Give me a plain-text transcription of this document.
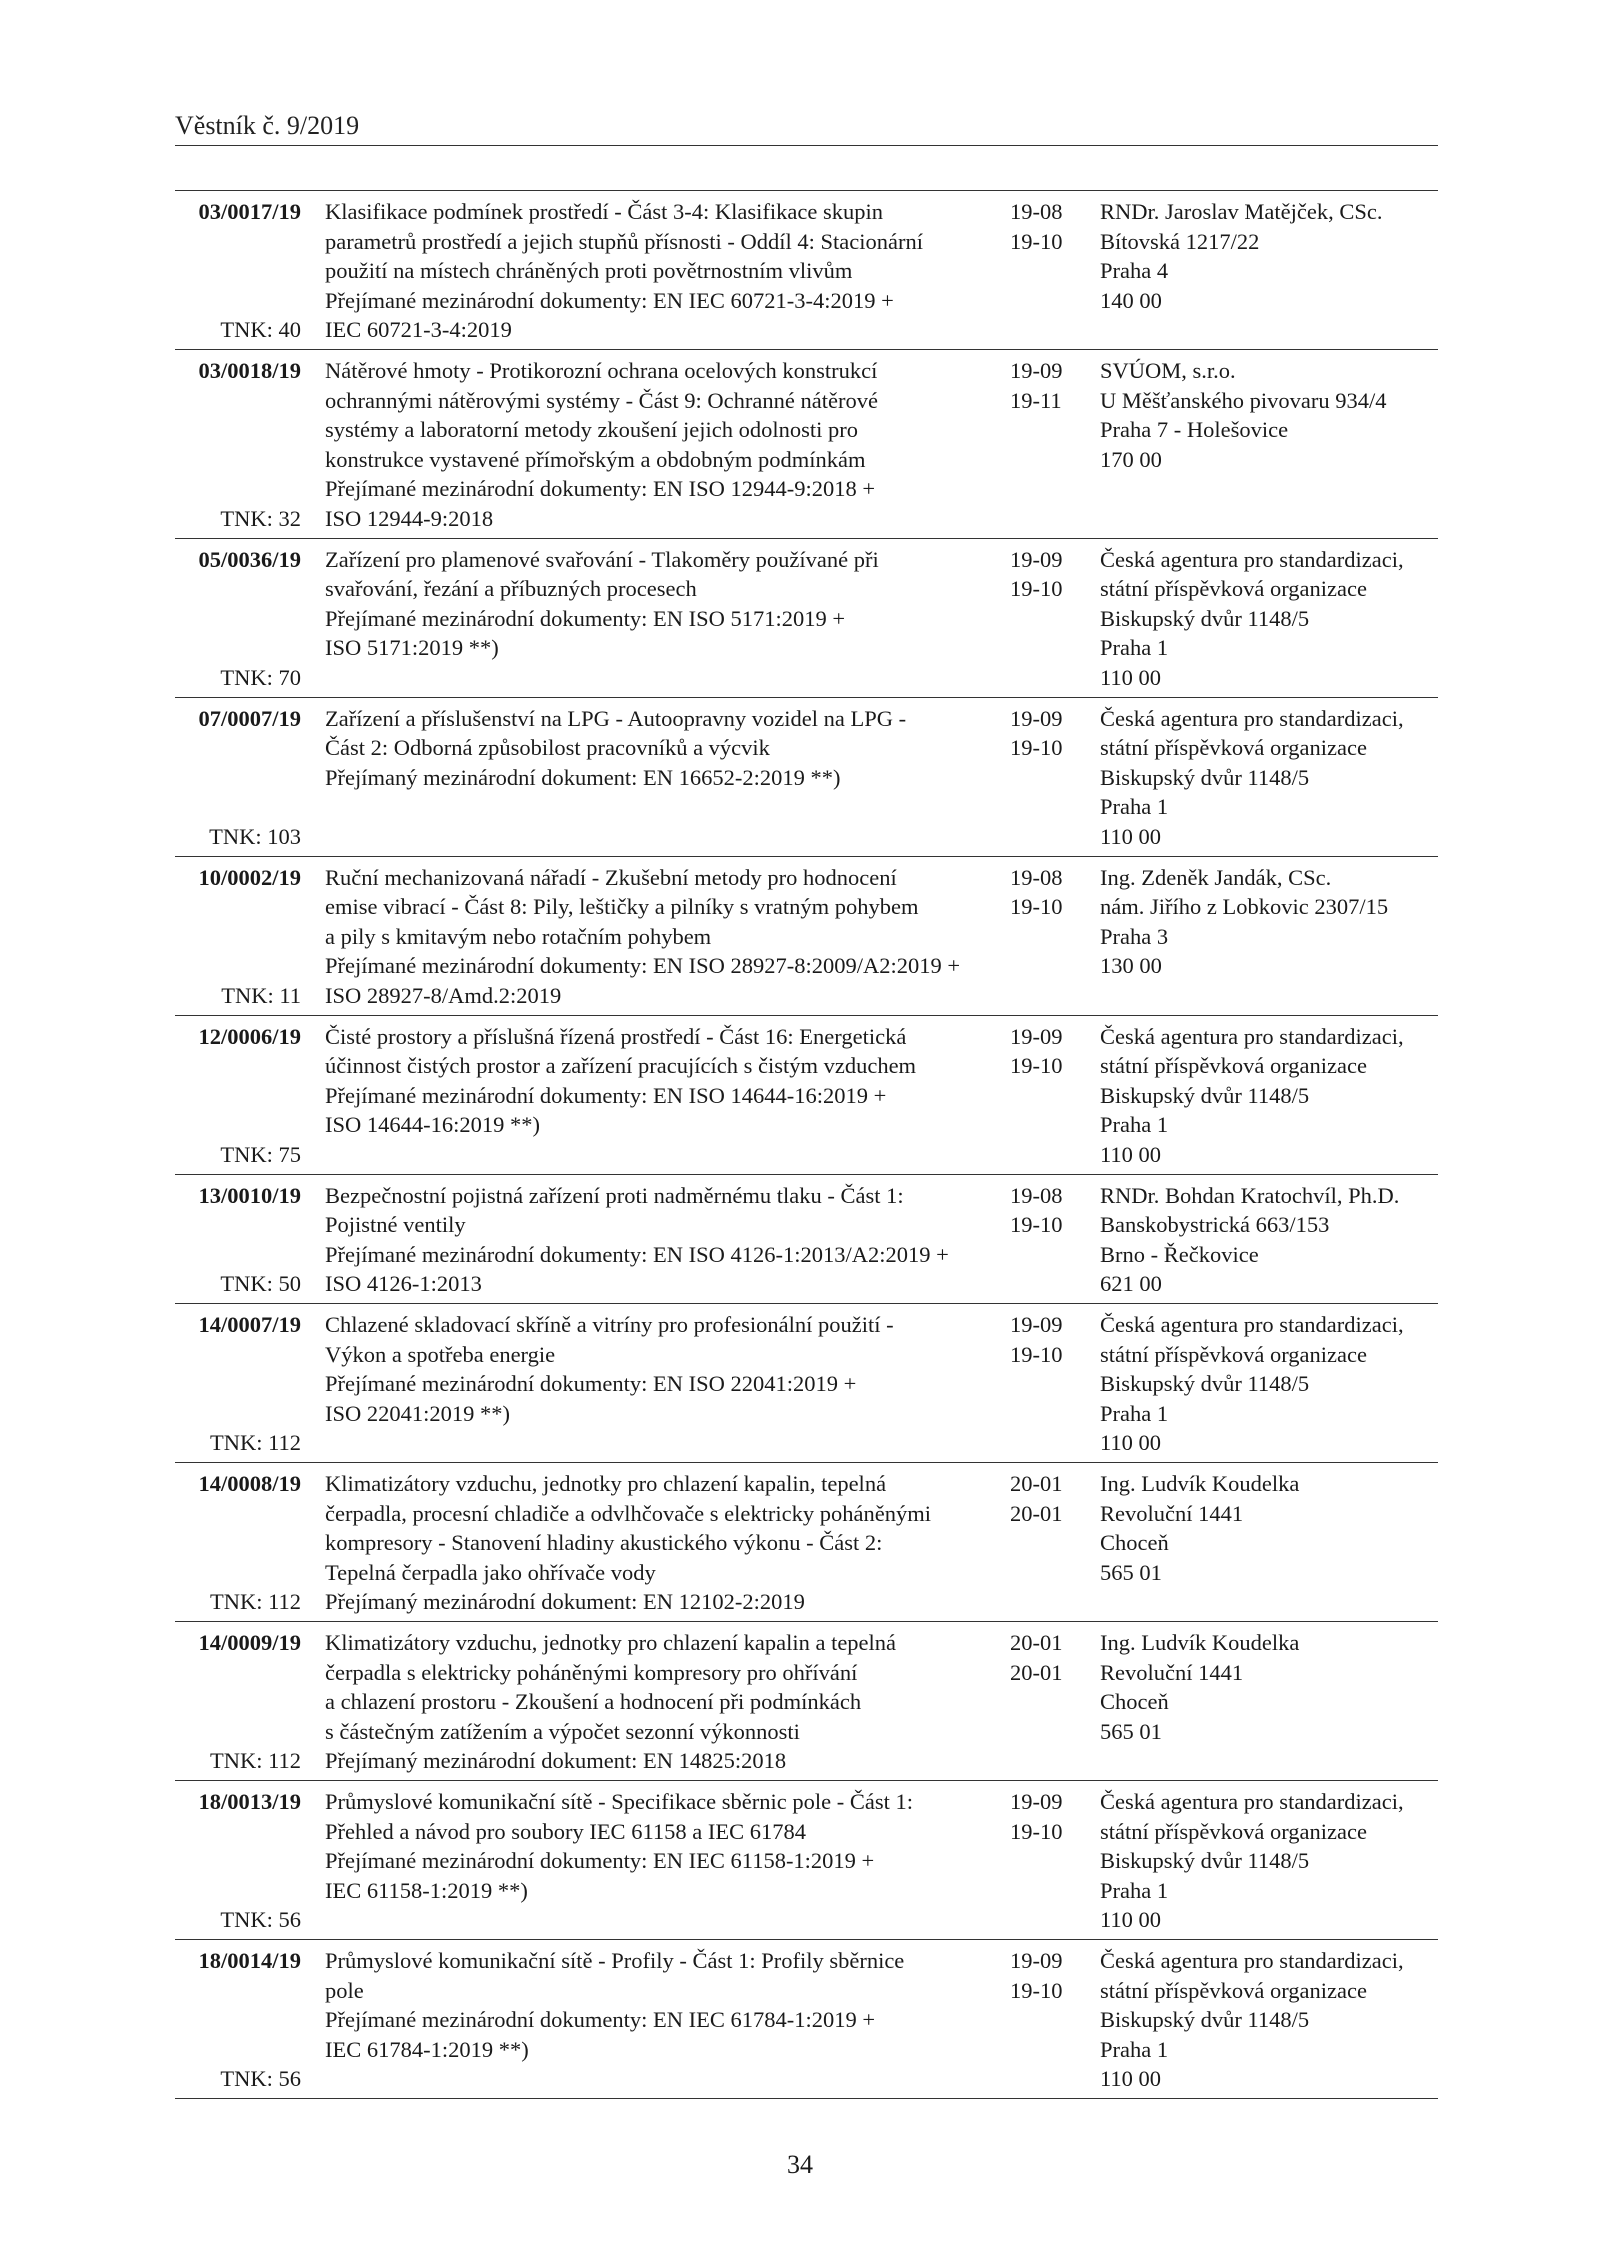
Věstník č. 9/2019
03/0017/19
TNK: 40
Klasifikace podmínek prostředí - Část 3-4: Klasifikace skupin
parametrů prostředí a jejich stupňů přísnosti - Oddíl 4: Stacionární
použití na místech chráněných proti povětrnostním vlivům
Přejímané mezinárodní dokumenty: EN IEC 60721-3-4:2019 +
IEC 60721-3-4:2019
19-08
19-10
RNDr. Jaroslav Matějček, CSc.
Bítovská 1217/22
Praha 4
140 00
03/0018/19
TNK: 32
Nátěrové hmoty - Protikorozní ochrana ocelových konstrukcí
ochrannými nátěrovými systémy - Část 9: Ochranné nátěrové
systémy a laboratorní metody zkoušení jejich odolnosti pro
konstrukce vystavené přímořským a obdobným podmínkám
Přejímané mezinárodní dokumenty: EN ISO 12944-9:2018 +
ISO 12944-9:2018
19-09
19-11
SVÚOM, s.r.o.
U Měšťanského pivovaru 934/4
Praha 7 - Holešovice
170 00
05/0036/19
TNK: 70
Zařízení pro plamenové svařování - Tlakoměry používané při
svařování, řezání a příbuzných procesech
Přejímané mezinárodní dokumenty: EN ISO 5171:2019 +
ISO 5171:2019 **)
19-09
19-10
Česká agentura pro standardizaci,
státní příspěvková organizace
Biskupský dvůr 1148/5
Praha 1
110 00
07/0007/19
TNK: 103
Zařízení a příslušenství na LPG - Autoopravny vozidel na LPG -
Část 2: Odborná způsobilost pracovníků a výcvik
Přejímaný mezinárodní dokument: EN 16652-2:2019 **)
19-09
19-10
Česká agentura pro standardizaci,
státní příspěvková organizace
Biskupský dvůr 1148/5
Praha 1
110 00
10/0002/19
TNK: 11
Ruční mechanizovaná nářadí - Zkušební metody pro hodnocení
emise vibrací - Část 8: Pily, leštičky a pilníky s vratným pohybem
a pily s kmitavým nebo rotačním pohybem
Přejímané mezinárodní dokumenty: EN ISO 28927-8:2009/A2:2019 +
ISO 28927-8/Amd.2:2019
19-08
19-10
Ing. Zdeněk Jandák, CSc.
nám. Jiřího z Lobkovic 2307/15
Praha 3
130 00
12/0006/19
TNK: 75
Čisté prostory a příslušná řízená prostředí - Část 16: Energetická
účinnost čistých prostor a zařízení pracujících s čistým vzduchem
Přejímané mezinárodní dokumenty: EN ISO 14644-16:2019 +
ISO 14644-16:2019 **)
19-09
19-10
Česká agentura pro standardizaci,
státní příspěvková organizace
Biskupský dvůr 1148/5
Praha 1
110 00
13/0010/19
TNK: 50
Bezpečnostní pojistná zařízení proti nadměrnému tlaku - Část 1:
Pojistné ventily
Přejímané mezinárodní dokumenty: EN ISO 4126-1:2013/A2:2019 +
ISO 4126-1:2013
19-08
19-10
RNDr. Bohdan Kratochvíl, Ph.D.
Banskobystrická 663/153
Brno - Řečkovice
621 00
14/0007/19
TNK: 112
Chlazené skladovací skříně a vitríny pro profesionální použití -
Výkon a spotřeba energie
Přejímané mezinárodní dokumenty: EN ISO 22041:2019 +
ISO 22041:2019 **)
19-09
19-10
Česká agentura pro standardizaci,
státní příspěvková organizace
Biskupský dvůr 1148/5
Praha 1
110 00
14/0008/19
TNK: 112
Klimatizátory vzduchu, jednotky pro chlazení kapalin, tepelná
čerpadla, procesní chladiče a odvlhčovače s elektricky poháněnými
kompresory - Stanovení hladiny akustického výkonu - Část 2:
Tepelná čerpadla jako ohřívače vody
Přejímaný mezinárodní dokument: EN 12102-2:2019
20-01
20-01
Ing. Ludvík Koudelka
Revoluční 1441
Choceň
565 01
14/0009/19
TNK: 112
Klimatizátory vzduchu, jednotky pro chlazení kapalin a tepelná
čerpadla s elektricky poháněnými kompresory pro ohřívání
a chlazení prostoru - Zkoušení a hodnocení při podmínkách
s částečným zatížením a výpočet sezonní výkonnosti
Přejímaný mezinárodní dokument: EN 14825:2018
20-01
20-01
Ing. Ludvík Koudelka
Revoluční 1441
Choceň
565 01
18/0013/19
TNK: 56
Průmyslové komunikační sítě - Specifikace sběrnic pole - Část 1:
Přehled a návod pro soubory IEC 61158 a IEC 61784
Přejímané mezinárodní dokumenty: EN IEC 61158-1:2019 +
IEC 61158-1:2019 **)
19-09
19-10
Česká agentura pro standardizaci,
státní příspěvková organizace
Biskupský dvůr 1148/5
Praha 1
110 00
18/0014/19
TNK: 56
Průmyslové komunikační sítě - Profily - Část 1: Profily sběrnice
pole
Přejímané mezinárodní dokumenty: EN IEC 61784-1:2019 +
IEC 61784-1:2019 **)
19-09
19-10
Česká agentura pro standardizaci,
státní příspěvková organizace
Biskupský dvůr 1148/5
Praha 1
110 00
34
